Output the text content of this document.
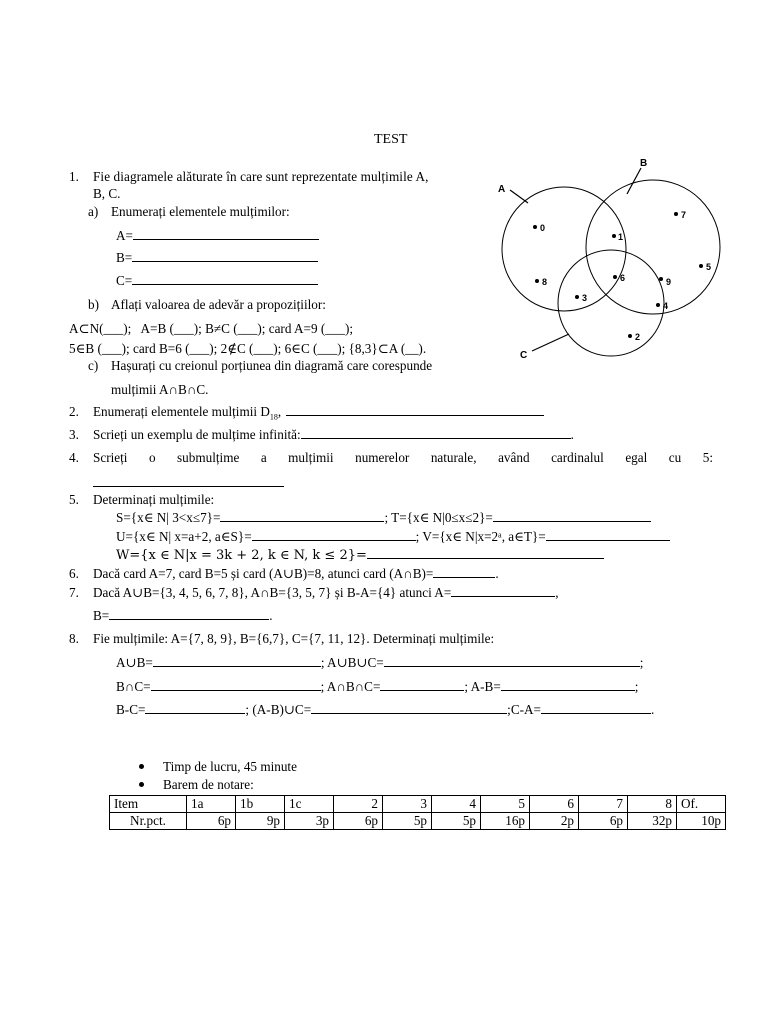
TEST
1. Fie diagramele alăturate în care sunt reprezentate mulțimile A,
B, C.
a) Enumerați elementele mulțimilor:
A=
B=
C=
b) Aflați valoarea de adevăr a propozițiilor:
A⊂N(___);   A=B (___); B≠C (___); card A=9 (___);
5∈B (___); card B=6 (___); 2∉C (___); 6∈C (___); {8,3}⊂A (__).
c) Hașurați cu creionul porțiunea din diagramă care corespunde
mulțimii A∩B∩C.
A
B
C
0
1
7
8
3
6	9
5
4
2
2. Enumerați elementele mulțimii $D_{18}$,
3. Scrieți un exemplu de mulțime infinită:	.
4. Scrieți o submulțime a mulțimii numerelor naturale, având cardinalul egal cu 5:
5. Determinați mulțimile:
S={x∈ N| 3<x≤7}=	; T={x∈ N|0≤x≤2}=
U={x∈ N| x=a+2, a∈S}=	; V={x∈ N|x=2ᵃ, a∈T}=
W={x ∈ N|x = 3k + 2, k ∈ N, k ≤ 2}=
6. Dacă card A=7, card B=5 și card (A∪B)=8, atunci card (A∩B)=	.
7. Dacă A∪B={3, 4, 5, 6, 7, 8}, A∩B={3, 5, 7} și B-A={4} atunci A=	,
B=	.
8. Fie mulțimile: A={7, 8, 9}, B={6,7}, C={7, 11, 12}. Determinați mulțimile:
A∪B=	; A∪B∪C=	;
B∩C=	; A∩B∩C=	; A-B=	;
B-C=	; (A-B)∪C=	;C-A=	.
Timp de lucru, 45 minute
Barem de notare:
Item	1a	1b	1c	2	3	4	5	6	7	8	Of.
Nr.pct.	6p	9p	3p	6p	5p	5p	16p	2p	6p	32p	10p
